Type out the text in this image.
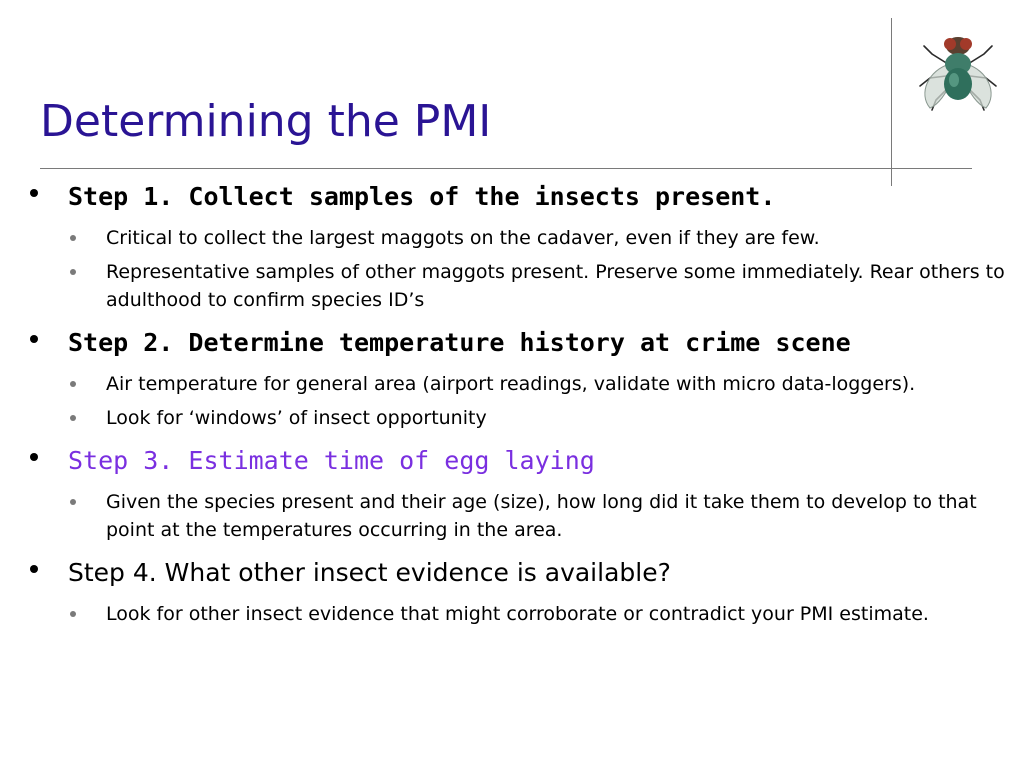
Determining the PMI
Step 1. Collect samples of the insects present.
Critical to collect the largest maggots on the cadaver, even if they are few.
Representative samples of other maggots present. Preserve some immediately. Rear others to adulthood to confirm species ID’s
Step 2. Determine temperature history at crime scene
Air temperature for general area (airport readings, validate with micro data-loggers).
Look for ‘windows’ of insect opportunity
Step 3. Estimate time of egg laying
Given the species present and their age (size), how long did it take them to develop to that point at the temperatures occurring in the area.
Step 4. What other insect evidence is available?
Look for other insect evidence that might corroborate or contradict your PMI estimate.
